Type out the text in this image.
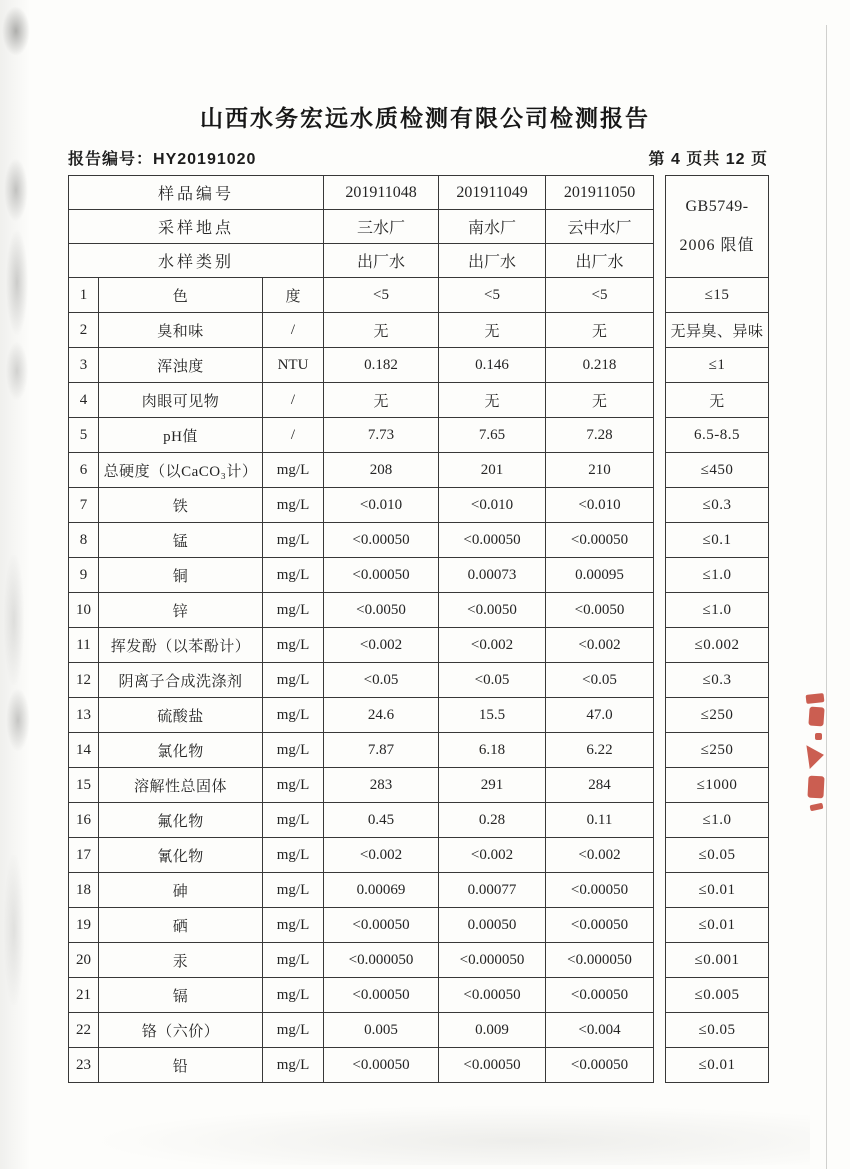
山西水务宏远水质检测有限公司检测报告
报告编号：HY20191020	第 4 页共 12 页
样品编号			201911048	201911049	201911050		GB5749-
2006 限值

采样地点			三水厂	南水厂	云中水厂		
水样类别			出厂水	出厂水	出厂水		
1	色	度	<5	<5	<5		≤15
2	臭和味	/	无	无	无		无异臭、异味
3	浑浊度	NTU	0.182	0.146	0.218		≤1
4	肉眼可见物	/	无	无	无		无
5	pH值	/	7.73	7.65	7.28		6.5-8.5
6	总硬度（以CaCO₃计）	mg/L	208	201	210		≤450
7	铁	mg/L	<0.010	<0.010	<0.010		≤0.3
8	锰	mg/L	<0.00050	<0.00050	<0.00050		≤0.1
9	铜	mg/L	<0.00050	0.00073	0.00095		≤1.0
10	锌	mg/L	<0.0050	<0.0050	<0.0050		≤1.0
11	挥发酚（以苯酚计）	mg/L	<0.002	<0.002	<0.002		≤0.002
12	阴离子合成洗涤剂	mg/L	<0.05	<0.05	<0.05		≤0.3
13	硫酸盐	mg/L	24.6	15.5	47.0		≤250
14	氯化物	mg/L	7.87	6.18	6.22		≤250
15	溶解性总固体	mg/L	283	291	284		≤1000
16	氟化物	mg/L	0.45	0.28	0.11		≤1.0
17	氰化物	mg/L	<0.002	<0.002	<0.002		≤0.05
18	砷	mg/L	0.00069	0.00077	<0.00050		≤0.01
19	硒	mg/L	<0.00050	0.00050	<0.00050		≤0.01
20	汞	mg/L	<0.000050	<0.000050	<0.000050		≤0.001
21	镉	mg/L	<0.00050	<0.00050	<0.00050		≤0.005
22	铬（六价）	mg/L	0.005	0.009	<0.004		≤0.05
23	铅	mg/L	<0.00050	<0.00050	<0.00050		≤0.01
